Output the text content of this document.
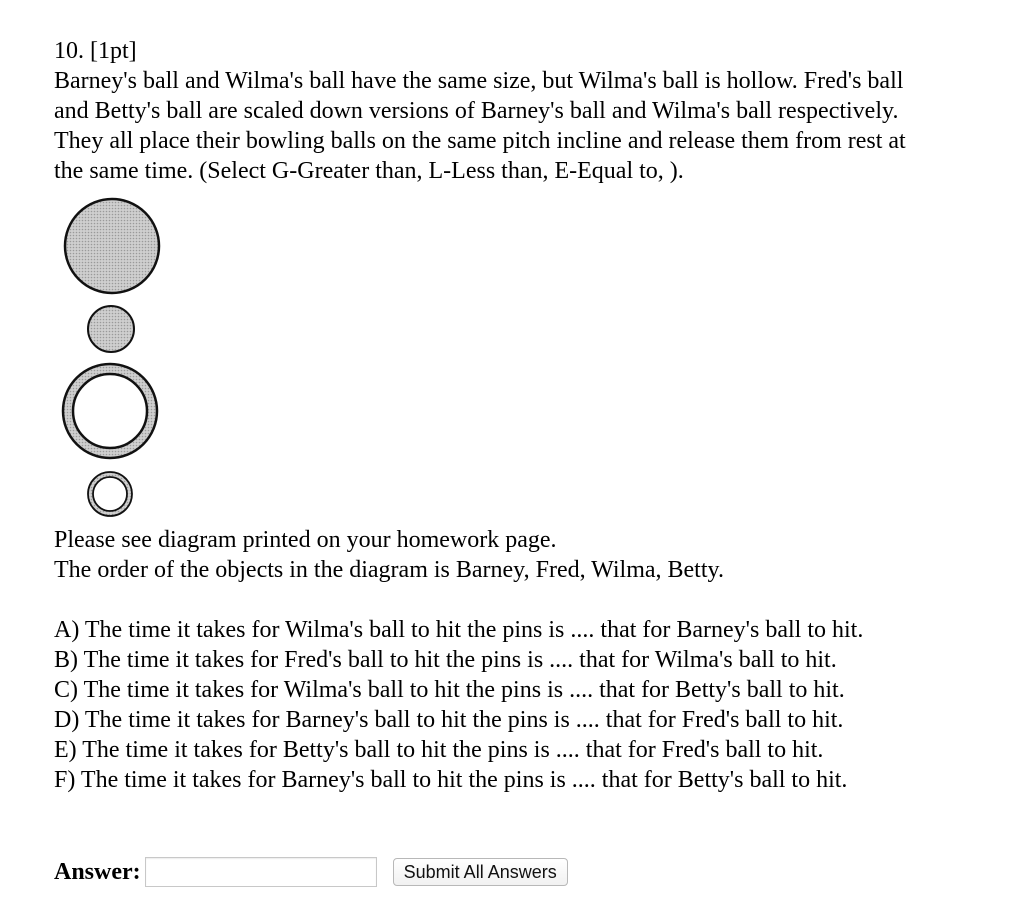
10. [1pt]
Barney's ball and Wilma's ball have the same size, but Wilma's ball is hollow. Fred's ball
and Betty's ball are scaled down versions of Barney's ball and Wilma's ball respectively.
They all place their bowling balls on the same pitch incline and release them from rest at
the same time. (Select G-Greater than, L-Less than, E-Equal to, ).
Please see diagram printed on your homework page.
The order of the objects in the diagram is Barney, Fred, Wilma, Betty.
A) The time it takes for Wilma's ball to hit the pins is .... that for Barney's ball to hit.
B) The time it takes for Fred's ball to hit the pins is .... that for Wilma's ball to hit.
C) The time it takes for Wilma's ball to hit the pins is .... that for Betty's ball to hit.
D) The time it takes for Barney's ball to hit the pins is .... that for Fred's ball to hit.
E) The time it takes for Betty's ball to hit the pins is .... that for Fred's ball to hit.
F) The time it takes for Barney's ball to hit the pins is .... that for Betty's ball to hit.
Answer:	Submit All Answers
